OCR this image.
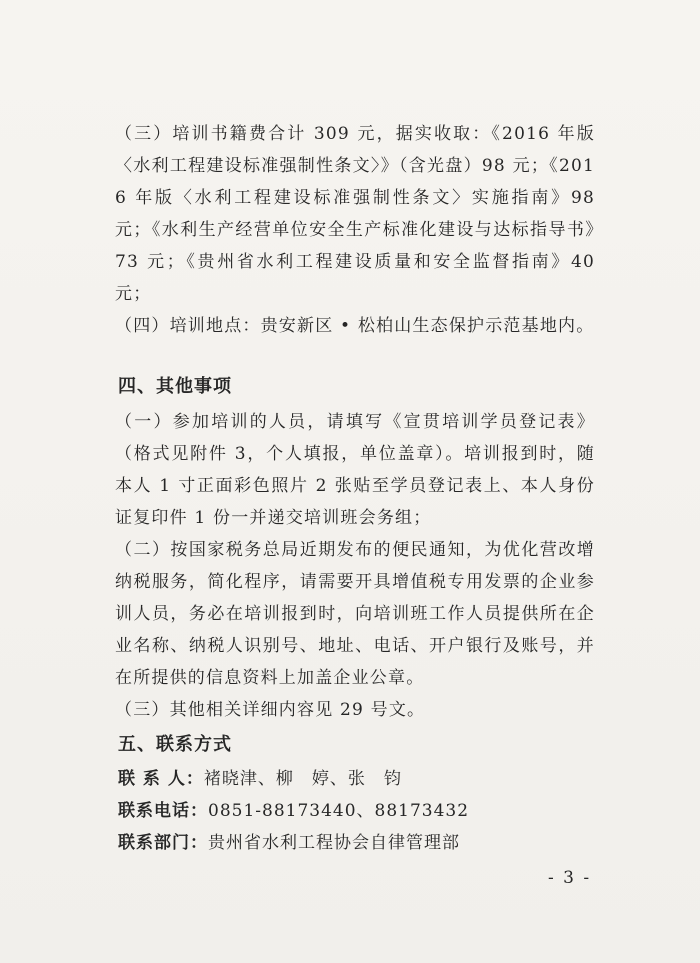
（三）培训书籍费合计 309 元，据实收取：《2016 年版〈水利工程建设标准强制性条文〉》（含光盘）98 元；《2016 年版〈水利工程建设标准强制性条文〉实施指南》98 元；《水利生产经营单位安全生产标准化建设与达标指导书》73 元；《贵州省水利工程建设质量和安全监督指南》40 元；

（四）培训地点：贵安新区 • 松柏山生态保护示范基地内。

四、其他事项

（一）参加培训的人员，请填写《宣贯培训学员登记表》（格式见附件 3，个人填报，单位盖章）。培训报到时，随本人 1 寸正面彩色照片 2 张贴至学员登记表上、本人身份证复印件 1 份一并递交培训班会务组；

（二）按国家税务总局近期发布的便民通知，为优化营改增纳税服务，简化程序，请需要开具增值税专用发票的企业参训人员，务必在培训报到时，向培训班工作人员提供所在企业名称、纳税人识别号、地址、电话、开户银行及账号，并在所提供的信息资料上加盖企业公章。

（三）其他相关详细内容见 29 号文。

五、联系方式
联 系 人：褚晓津、柳　婷、张　钧
联系电话：0851-88173440、88173432
联系部门：贵州省水利工程协会自律管理部
- 3 -
